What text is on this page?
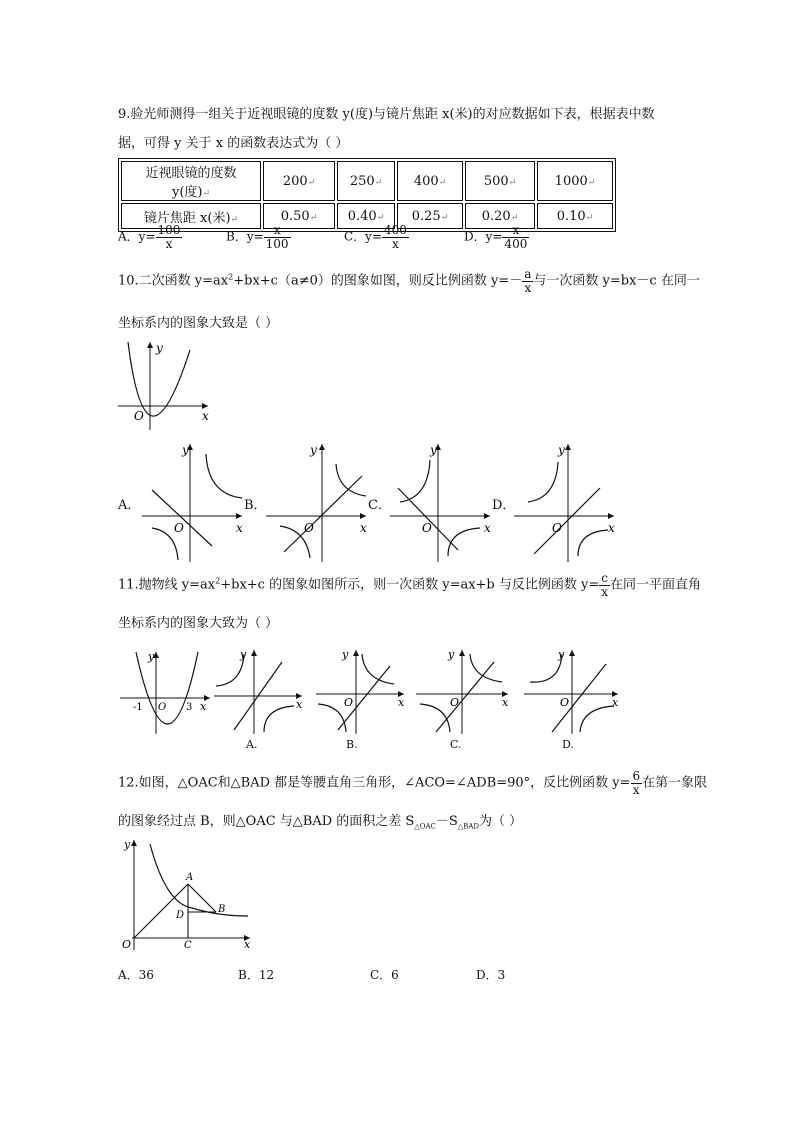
9.验光师测得一组关于近视眼镜的度数 y(度)与镜片焦距 x(米)的对应数据如下表，根据表中数
据，可得 y 关于 x 的函数表达式为（ ）
近视眼镜的度数 y(度)↵	200↵	250↵	400↵	500↵	1000↵
镜片焦距 x(米)↵	0.50↵	0.40↵	0.25↵	0.20↵	0.10↵
A．$y= \frac{100}{x}$	B．$y= \frac{x}{100}$	C．$y= \frac{400}{x}$	D．$y= \frac{x}{400}$
10.二次函数 $y=ax^2+bx+c(a\ne 0)$的图象如图，则反比例函数 $y=- \frac{a}{x}$ 与一次函数 y=bx－c 在同一
坐标系内的图象大致是（ ）
y
x
O
A．
y
x
O
B．
y
x
O
C．
y
x
O
D．
y
x
O
11.抛物线 $y=ax^2+bx+c$ 的图象如图所示，则一次函数 y=ax+b 与反比例函数 $y= \frac{c}{x}$ 在同一平面直角
坐标系内的图象大致为（ ）
y
x
-1 O 3
y
x
A.
y
x
O
B.
y
x
O
C.
y
x
O
D.
12.如图，△OAC和△BAD 都是等腰直角三角形，∠ACO=∠ADB=90°，反比例函数 $y= \frac{6}{x}$ 在第一象限
的图象经过点 B，则△OAC 与△BAD 的面积之差 $S_{\triangle OAC}-S_{\triangle BAD}$为（ ）
y
x
O
A
B
C
D
A．36	B．12	C．6	D．3
